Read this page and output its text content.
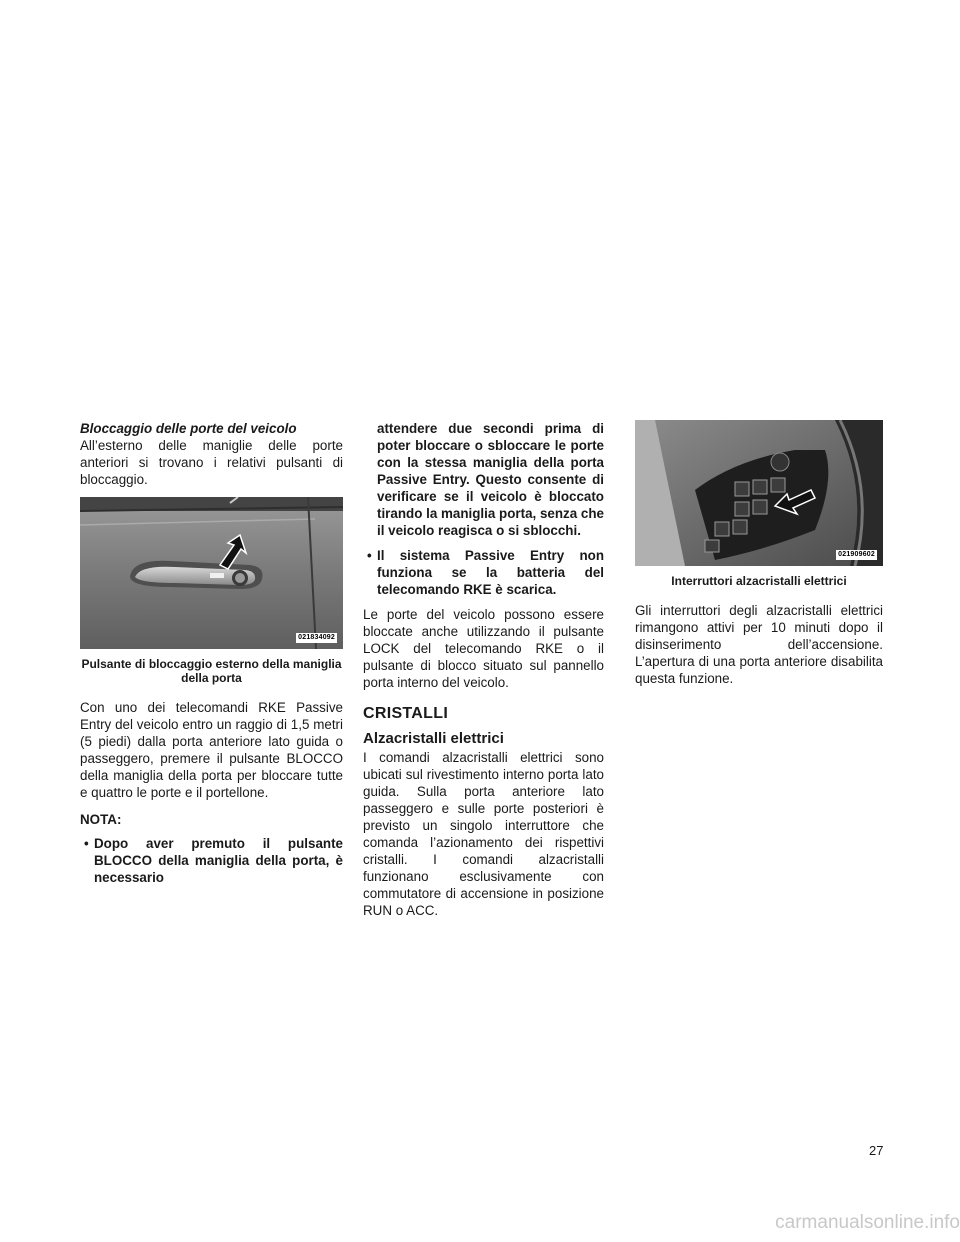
Bloccaggio delle porte del veicolo

All’esterno delle maniglie delle porte anteriori si trovano i relativi pulsanti di bloccaggio.

021834092
Pulsante di bloccaggio esterno della maniglia della porta

Con uno dei telecomandi RKE Passive Entry del veicolo entro un raggio di 1,5 metri (5 piedi) dalla porta anteriore lato guida o passeggero, premere il pulsante BLOCCO della maniglia della porta per bloccare tutte e quattro le porte e il portellone.

NOTA:
• Dopo aver premuto il pulsante BLOCCO della maniglia della porta, è necessario
attendere due secondi prima di poter bloccare o sbloccare le porte con la stessa maniglia della porta Passive Entry. Questo consente di verificare se il veicolo è bloccato tirando la maniglia porta, senza che il veicolo reagisca o si sblocchi.
• Il sistema Passive Entry non funziona se la batteria del telecomando RKE è scarica.

Le porte del veicolo possono essere bloccate anche utilizzando il pulsante LOCK del telecomando RKE o il pulsante di blocco situato sul pannello porta interno del veicolo.

CRISTALLI
Alzacristalli elettrici

I comandi alzacristalli elettrici sono ubicati sul rivestimento interno porta lato guida. Sulla porta anteriore lato passeggero e sulle porte posteriori è previsto un singolo interruttore che comanda l’azionamento dei rispettivi cristalli. I comandi alzacristalli funzionano esclusivamente con commutatore di accensione in posizione RUN o ACC.

021909602
Interruttori alzacristalli elettrici

Gli interruttori degli alzacristalli elettrici rimangono attivi per 10 minuti dopo il disinserimento dell’accensione. L’apertura di una porta anteriore disabilita questa funzione.

27
carmanualsonline.info
